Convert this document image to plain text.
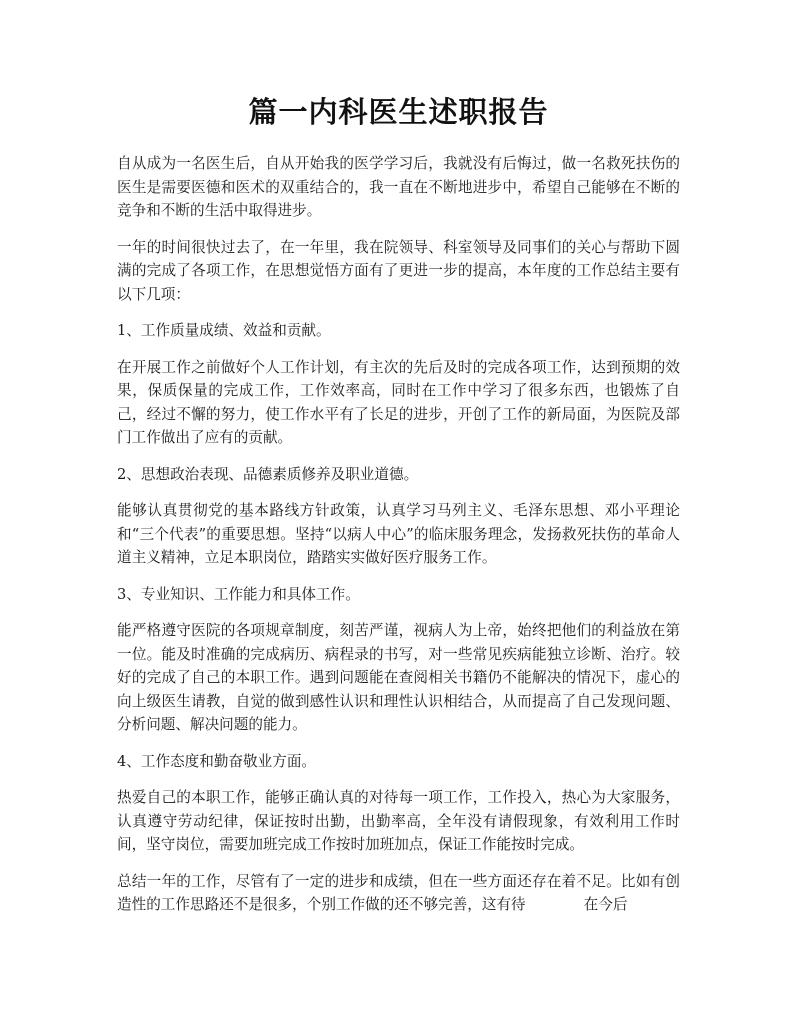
篇一内科医生述职报告

自从成为一名医生后，自从开始我的医学学习后，我就没有后悔过，做一名救死扶伤的医生是需要医德和医术的双重结合的，我一直在不断地进步中，希望自己能够在不断的竞争和不断的生活中取得进步。

一年的时间很快过去了，在一年里，我在院领导、科室领导及同事们的关心与帮助下圆满的完成了各项工作，在思想觉悟方面有了更进一步的提高，本年度的工作总结主要有以下几项：

1、工作质量成绩、效益和贡献。

在开展工作之前做好个人工作计划，有主次的先后及时的完成各项工作，达到预期的效果，保质保量的完成工作，工作效率高，同时在工作中学习了很多东西，也锻炼了自己，经过不懈的努力，使工作水平有了长足的进步，开创了工作的新局面，为医院及部门工作做出了应有的贡献。

2、思想政治表现、品德素质修养及职业道德。

能够认真贯彻党的基本路线方针政策，认真学习马列主义、毛泽东思想、邓小平理论和“三个代表”的重要思想。坚持“以病人中心”的临床服务理念，发扬救死扶伤的革命人道主义精神，立足本职岗位，踏踏实实做好医疗服务工作。

3、专业知识、工作能力和具体工作。

能严格遵守医院的各项规章制度，刻苦严谨，视病人为上帝，始终把他们的利益放在第一位。能及时准确的完成病历、病程录的书写，对一些常见疾病能独立诊断、治疗。较好的完成了自己的本职工作。遇到问题能在查阅相关书籍仍不能解决的情况下，虚心的向上级医生请教，自觉的做到感性认识和理性认识相结合，从而提高了自己发现问题、分析问题、解决问题的能力。

4、工作态度和勤奋敬业方面。

热爱自己的本职工作，能够正确认真的对待每一项工作，工作投入，热心为大家服务，认真遵守劳动纪律，保证按时出勤，出勤率高，全年没有请假现象，有效利用工作时间，坚守岗位，需要加班完成工作按时加班加点，保证工作能按时完成。

总结一年的工作，尽管有了一定的进步和成绩，但在一些方面还存在着不足。比如有创造性的工作思路还不是很多，个别工作做的还不够完善，这有待	在今后
